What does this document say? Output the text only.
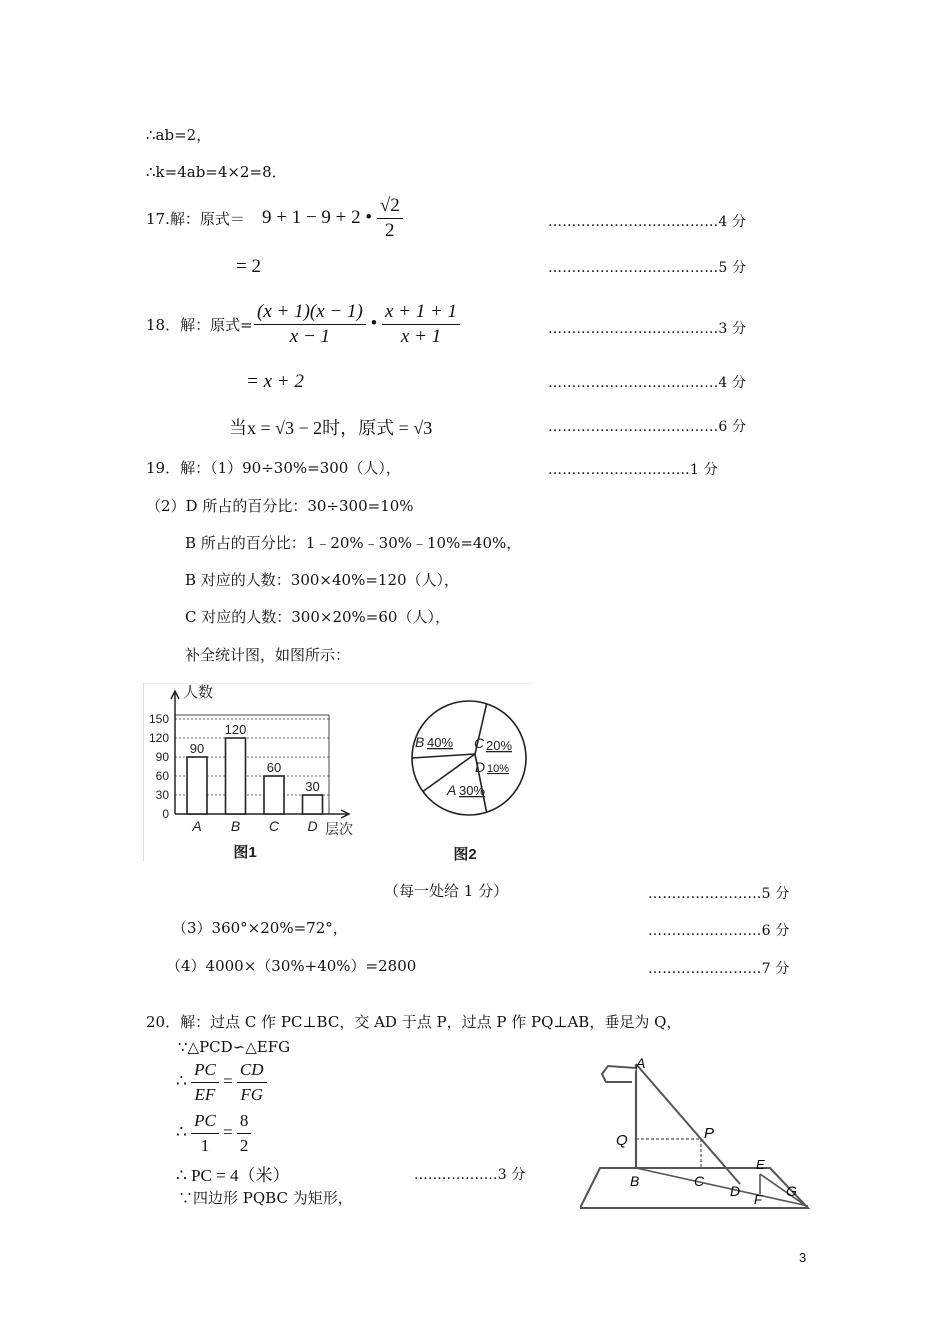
∴ab=2，
∴k=4ab=4×2=8．
17.解：原式＝ 9 + 1 − 9 + 2 • $\frac{√2}{2}$	………………………………4 分
= 2	………………………………5 分
18．解：原式= $\frac{(x + 1)(x - 1)}{x - 1}$ • $\frac{x + 1 + 1}{x + 1}$	………………………………3 分
= x + 2	………………………………4 分
当x = √3 − 2时，原式 = √3	………………………………6 分
19．解：（1）90÷30%=300（人），	…………………………1 分
（2）D 所占的百分比：30÷300=10%
B 所占的百分比：1﹣20%﹣30%﹣10%=40%，
B 对应的人数：300×40%=120（人），
C 对应的人数：300×20%=60（人），
补全统计图，如图所示：
0
30
60
90
120
150
人数
层次
90
A
120
B
60
C
30
D
图1
B 40% C 20%
D 10%
A 30%
图2
（每一处给 1 分）	……………………5 分
（3）360°×20%=72°，	……………………6 分
（4）4000×（30%+40%）=2800	……………………7 分
20．解：过点 C 作 PC⊥BC，交 AD 于点 P，过点 P 作 PQ⊥AB，垂足为 Q，
∵△PCD∽△EFG
∴ $\frac{PC}{EF} = \frac{CD}{FG}$
∴ $\frac{PC}{1} = \frac{8}{2}$
∴ PC = 4（米）	..................3 分
∵四边形 PQBC 为矩形，
A
Q	P
B	C
D
E
F
G
3
